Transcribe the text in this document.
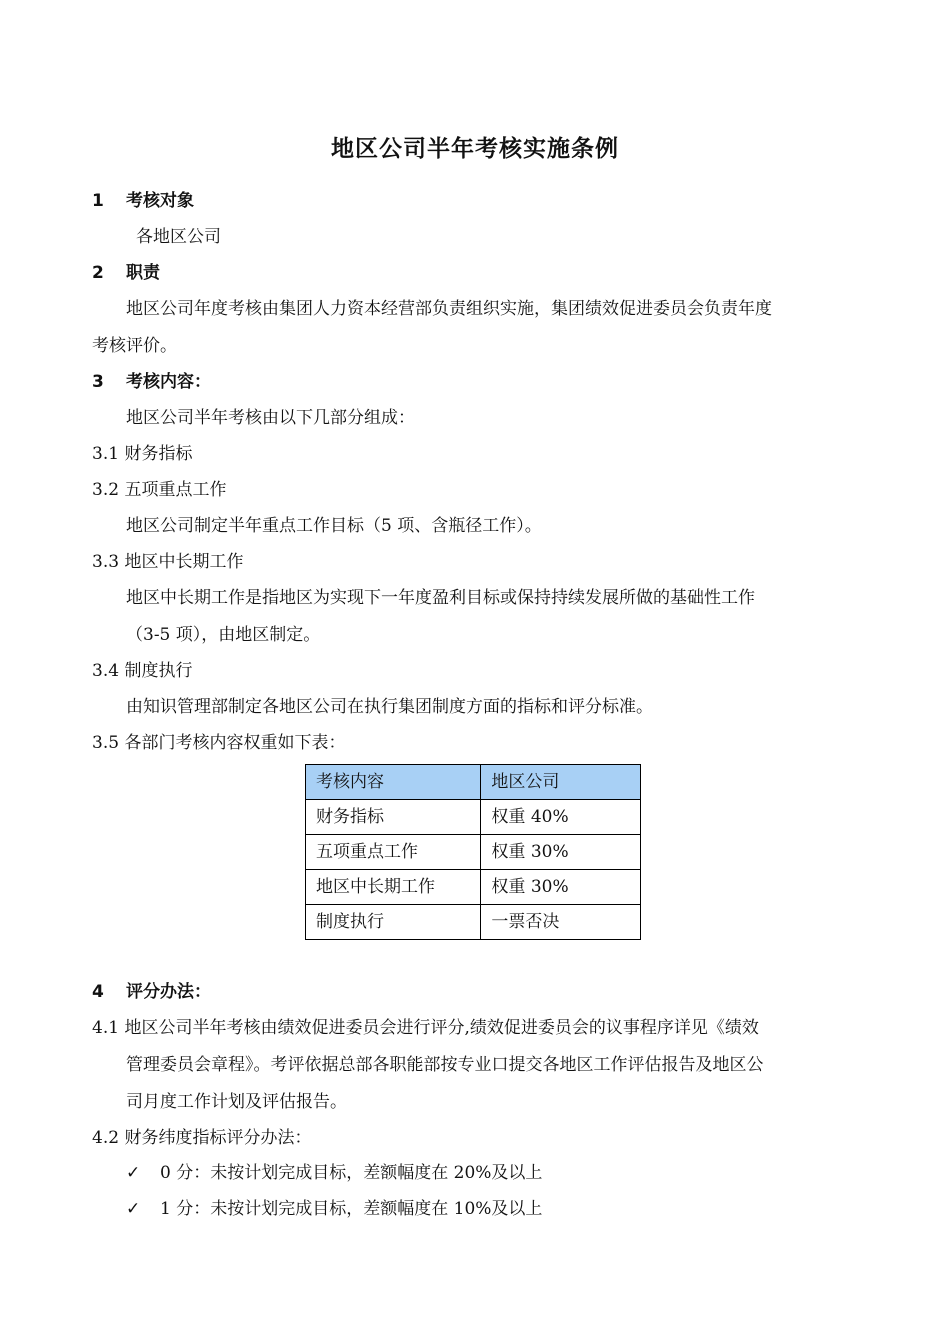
地区公司半年考核实施条例
1 考核对象
各地区公司
2 职责
地区公司年度考核由集团人力资本经营部负责组织实施，集团绩效促进委员会负责年度
考核评价。
3 考核内容：
地区公司半年考核由以下几部分组成：
3.1 财务指标
3.2 五项重点工作
地区公司制定半年重点工作目标（5 项、含瓶径工作）。
3.3 地区中长期工作
地区中长期工作是指地区为实现下一年度盈利目标或保持持续发展所做的基础性工作
（3-5 项），由地区制定。
3.4 制度执行
由知识管理部制定各地区公司在执行集团制度方面的指标和评分标准。
3.5 各部门考核内容权重如下表：
考核内容	地区公司
财务指标	权重 40%
五项重点工作	权重 30%
地区中长期工作	权重 30%
制度执行	一票否决
4 评分办法：
4.1 地区公司半年考核由绩效促进委员会进行评分,绩效促进委员会的议事程序详见《绩效
管理委员会章程》。考评依据总部各职能部按专业口提交各地区工作评估报告及地区公
司月度工作计划及评估报告。
4.2 财务纬度指标评分办法：
✓ 0 分：未按计划完成目标，差额幅度在 20%及以上
✓ 1 分：未按计划完成目标，差额幅度在 10%及以上
